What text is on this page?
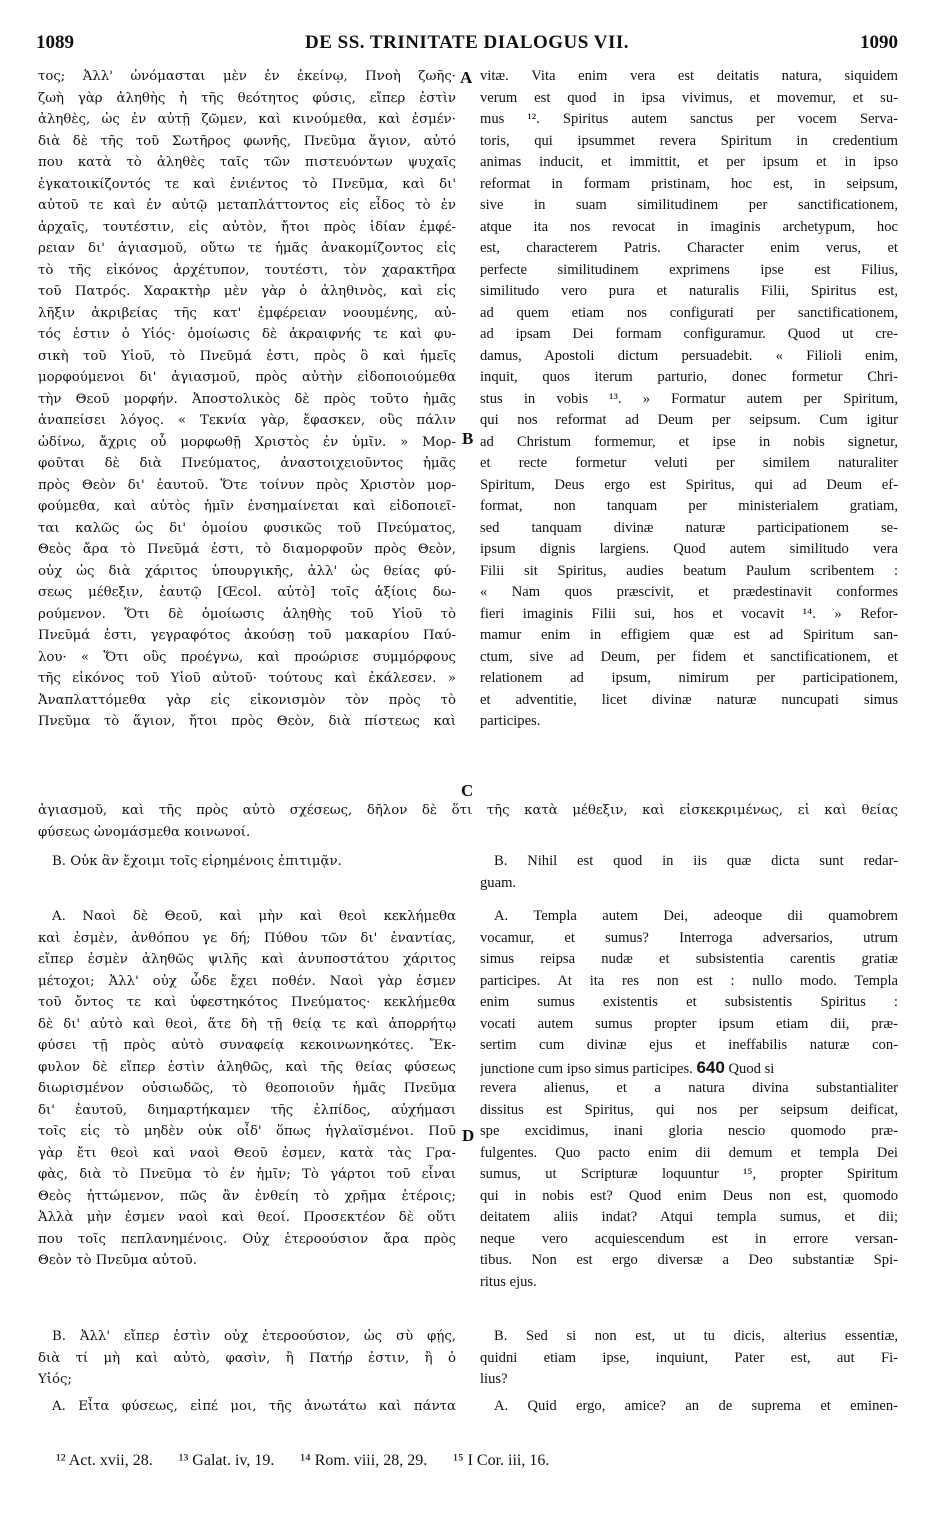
1089	DE SS. TRINITATE DIALOGUS VII.	1090
A
B
C
D
τος; Ἀλλ' ὠνόμασται μὲν ἐν ἐκείνῳ, Πνοὴ ζωῆς·
ζωὴ γὰρ ἀληθὴς ἡ τῆς θεότητος φύσις, εἴπερ ἐστὶν
ἀληθὲς, ὡς ἐν αὐτῇ ζῶμεν, καὶ κινούμεθα, καὶ ἐσμέν·
διὰ δὲ τῆς τοῦ Σωτῆρος φωνῆς, Πνεῦμα ἅγιον, αὐτό
που κατὰ τὸ ἀληθὲς ταῖς τῶν πιστευόντων ψυχαῖς
ἐγκατοικίζοντός τε καὶ ἐνιέντος τὸ Πνεῦμα, καὶ δι'
αὐτοῦ τε καὶ ἐν αὐτῷ μεταπλάττοντος εἰς εἶδος τὸ ἐν
ἀρχαῖς, τουτέστιν, εἰς αὐτὸν, ἤτοι πρὸς ἰδίαν ἐμφέ-
ρειαν δι' ἁγιασμοῦ, οὕτω τε ἡμᾶς ἀνακομίζοντος εἰς
τὸ τῆς εἰκόνος ἀρχέτυπον, τουτέστι, τὸν χαρακτῆρα
τοῦ Πατρός. Χαρακτὴρ μὲν γὰρ ὁ ἀληθινὸς, καὶ εἰς
λῆξιν ἀκριβείας τῆς κατ' ἐμφέρειαν νοουμένης, αὐ-
τός ἐστιν ὁ Υἱός· ὁμοίωσις δὲ ἀκραιφνής τε καὶ φυ-
σικὴ τοῦ Υἱοῦ, τὸ Πνεῦμά ἐστι, πρὸς ὃ καὶ ἡμεῖς
μορφούμενοι δι' ἁγιασμοῦ, πρὸς αὐτὴν εἰδοποιούμεθα
τὴν Θεοῦ μορφήν. Ἀποστολικὸς δὲ πρὸς τοῦτο ἡμᾶς
ἀναπείσει λόγος. « Τεκνία γὰρ, ἔφασκεν, οὓς πάλιν
ὠδίνω, ἄχρις οὗ μορφωθῇ Χριστὸς ἐν ὑμῖν. » Μορ-
φοῦται δὲ διὰ Πνεύματος, ἀναστοιχειοῦντος ἡμᾶς
πρὸς Θεὸν δι' ἑαυτοῦ. Ὅτε τοίνυν πρὸς Χριστὸν μορ-
φούμεθα, καὶ αὐτὸς ἡμῖν ἐνσημαίνεται καὶ εἰδοποιεῖ-
ται καλῶς ὡς δι' ὁμοίου φυσικῶς τοῦ Πνεύματος,
Θεὸς ἄρα τὸ Πνεῦμά ἐστι, τὸ διαμορφοῦν πρὸς Θεὸν,
οὐχ ὡς διὰ χάριτος ὑπουργικῆς, ἀλλ' ὡς θείας φύ-
σεως μέθεξιν, ἑαυτῷ [Œcol. αὐτὸ] τοῖς ἀξίοις δω-
ρούμενον. Ὅτι δὲ ὁμοίωσις ἀληθὴς τοῦ Υἱοῦ τὸ
Πνεῦμά ἐστι, γεγραφότος ἀκούσῃ τοῦ μακαρίου Παύ-
λου· « Ὅτι οὓς προέγνω, καὶ προώρισε συμμόρφους
τῆς εἰκόνος τοῦ Υἱοῦ αὐτοῦ· τούτους καὶ ἐκάλεσεν. »
Ἀναπλαττόμεθα γὰρ εἰς εἰκονισμὸν τὸν πρὸς τὸ
Πνεῦμα τὸ ἅγιον, ἤτοι πρὸς Θεὸν, διὰ πίστεως καὶ
vitæ. Vita enim vera est deitatis natura, siquidem
verum est quod in ipsa vivimus, et movemur, et su-
mus ¹². Spiritus autem sanctus per vocem Serva-
toris, qui ipsummet revera Spiritum in credentium
animas inducit, et immittit, et per ipsum et in ipso
reformat in formam pristinam, hoc est, in seipsum,
sive in suam similitudinem per sanctificationem,
atque ita nos revocat in imaginis archetypum, hoc
est, characterem Patris. Character enim verus, et
perfecte similitudinem exprimens ipse est Filius,
similitudo vero pura et naturalis Filii, Spiritus est,
ad quem etiam nos configurati per sanctificationem,
ad ipsam Dei formam configuramur. Quod ut cre-
damus, Apostoli dictum persuadebit. « Filioli enim,
inquit, quos iterum parturio, donec formetur Chri-
stus in vobis ¹³. » Formatur autem per Spiritum,
qui nos reformat ad Deum per seipsum. Cum igitur
ad Christum formemur, et ipse in nobis signetur,
et recte formetur veluti per similem naturaliter
Spiritum, Deus ergo est Spiritus, qui ad Deum ef-
format, non tanquam per ministerialem gratiam,
sed tanquam divinæ naturæ participationem se-
ipsum dignis largiens. Quod autem similitudo vera
Filii sit Spiritus, audies beatum Paulum scribentem :
« Nam quos præscivit, et prædestinavit conformes
fieri imaginis Filii sui, hos et vocavit ¹⁴. » Refor-
mamur enim in effigiem quæ est ad Spiritum san-
ctum, sive ad Deum, per fidem et sanctificationem, et
relationem ad ipsum, nimirum per participationem,
et adventitie, licet divinæ naturæ nuncupati simus
participes.
ἁγιασμοῦ, καὶ τῆς πρὸς αὐτὸ σχέσεως, δῆλον δὲ ὅτι τῆς κατὰ μέθεξιν, καὶ εἰσκεκριμένως, εἰ καὶ θείας
φύσεως ὠνομάσμεθα κοινωνοί.
Β. Οὐκ ἂν ἔχοιμι τοῖς εἰρημένοις ἐπιτιμᾷν.	B. Nihil est quod in iis quæ dicta sunt redar-
guam.
Α. Ναοὶ δὲ Θεοῦ, καὶ μὴν καὶ θεοὶ κεκλήμεθα
καὶ ἐσμὲν, ἀνθόπου γε δή; Πύθου τῶν δι' ἐναντίας,
εἴπερ ἐσμὲν ἀληθῶς ψιλῆς καὶ ἀνυποστάτου χάριτος
μέτοχοι; Ἀλλ' οὐχ ὧδε ἔχει ποθέν. Ναοὶ γὰρ ἐσμεν
τοῦ ὄντος τε καὶ ὑφεστηκότος Πνεύματος· κεκλήμεθα
δὲ δι' αὐτὸ καὶ θεοὶ, ἅτε δὴ τῇ θείᾳ τε καὶ ἀπορρήτῳ
φύσει τῇ πρὸς αὐτὸ συναφείᾳ κεκοινωνηκότες. Ἔκ-
φυλον δὲ εἴπερ ἐστὶν ἀληθῶς, καὶ τῆς θείας φύσεως
διωρισμένον οὐσιωδῶς, τὸ θεοποιοῦν ἡμᾶς Πνεῦμα
δι' ἑαυτοῦ, διημαρτήκαμεν τῆς ἐλπίδος, αὐχήμασι
τοῖς εἰς τὸ μηδὲν οὐκ οἶδ' ὅπως ἠγλαϊσμένοι. Ποῦ
γὰρ ἔτι θεοὶ καὶ ναοὶ Θεοῦ ἐσμεν, κατὰ τὰς Γρα-
φὰς, διὰ τὸ Πνεῦμα τὸ ἐν ἡμῖν; Τὸ γάρτοι τοῦ εἶναι
Θεὸς ἠττώμενον, πῶς ἂν ἐνθείη τὸ χρῆμα ἑτέροις;
Ἀλλὰ μὴν ἐσμεν ναοὶ καὶ θεοί. Προσεκτέον δὲ οὕτι
που τοῖς πεπλανημένοις. Οὐχ ἑτεροούσιον ἄρα πρὸς
Θεὸν τὸ Πνεῦμα αὐτοῦ.
A. Templa autem Dei, adeoque dii quamobrem
vocamur, et sumus? Interroga adversarios, utrum
simus reipsa nudæ et subsistentia carentis gratiæ
participes. At ita res non est : nullo modo. Templa
enim sumus existentis et subsistentis Spiritus :
vocati autem sumus propter ipsum etiam dii, præ-
sertim cum divinæ ejus et ineffabilis naturæ con-
junctione cum ipso simus participes. 640 Quod si
revera alienus, et a natura divina substantialiter
dissitus est Spiritus, qui nos per seipsum deificat,
spe excidimus, inani gloria nescio quomodo præ-
fulgentes. Quo pacto enim dii demum et templa Dei
sumus, ut Scripturæ loquuntur ¹⁵, propter Spiritum
qui in nobis est? Quod enim Deus non est, quomodo
deitatem aliis indat? Atqui templa sumus, et dii;
neque vero acquiescendum est in errore versan-
tibus. Non est ergo diversæ a Deo substantiæ Spi-
ritus ejus.
Β. Ἀλλ' εἴπερ ἐστὶν οὐχ ἑτεροούσιον, ὡς σὺ φῄς,
διὰ τί μὴ καὶ αὐτὸ, φασὶν, ἢ Πατήρ ἐστιν, ἢ ὁ
Υἱός;
B. Sed si non est, ut tu dicis, alterius essentiæ,
quidni etiam ipse, inquiunt, Pater est, aut Fi-
lius?
Α. Εἶτα φύσεως, εἰπέ μοι, τῆς ἀνωτάτω καὶ πάντα	A. Quid ergo, amice? an de suprema et eminen-
¹² Act. xvii, 28. ¹³ Galat. iv, 19. ¹⁴ Rom. viii, 28, 29. ¹⁵ I Cor. iii, 16.
